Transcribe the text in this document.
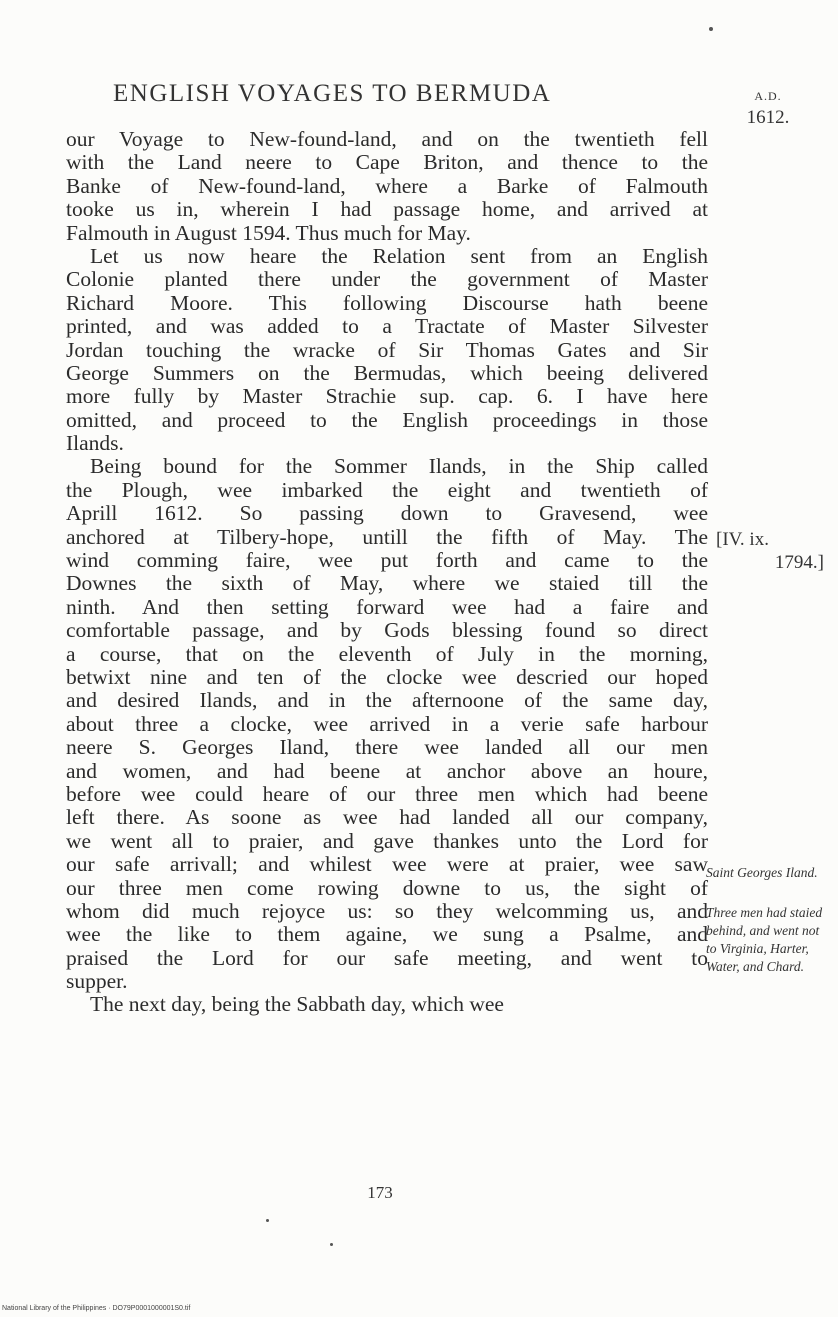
ENGLISH VOYAGES TO BERMUDA	A.D.
1612.
our Voyage to New-found-land, and on the twentieth fell
with the Land neere to Cape Briton, and thence to the
Banke of New-found-land, where a Barke of Falmouth
tooke us in, wherein I had passage home, and arrived at
Falmouth in August 1594. Thus much for May.
Let us now heare the Relation sent from an English
Colonie planted there under the government of Master
Richard Moore. This following Discourse hath beene
printed, and was added to a Tractate of Master Silvester
Jordan touching the wracke of Sir Thomas Gates and Sir
George Summers on the Bermudas, which beeing delivered
more fully by Master Strachie sup. cap. 6. I have here
omitted, and proceed to the English proceedings in those
Ilands.
Being bound for the Sommer Ilands, in the Ship called
the Plough, wee imbarked the eight and twentieth of
Aprill 1612. So passing down to Gravesend, wee
anchored at Tilbery-hope, untill the fifth of May. The
wind comming faire, wee put forth and came to the
Downes the sixth of May, where we staied till the
ninth. And then setting forward wee had a faire and
comfortable passage, and by Gods blessing found so direct
a course, that on the eleventh of July in the morning,
betwixt nine and ten of the clocke wee descried our hoped
and desired Ilands, and in the afternoone of the same day,
about three a clocke, wee arrived in a verie safe harbour
neere S. Georges Iland, there wee landed all our men
and women, and had beene at anchor above an houre,
before wee could heare of our three men which had beene
left there. As soone as wee had landed all our company,
we went all to praier, and gave thankes unto the Lord for
our safe arrivall; and whilest wee were at praier, wee saw
our three men come rowing downe to us, the sight of
whom did much rejoyce us: so they welcomming us, and
wee the like to them againe, we sung a Psalme, and
praised the Lord for our safe meeting, and went to
supper.
The next day, being the Sabbath day, which wee
[IV. ix.
1794.]
Saint Georges Iland.
Three men had staied behind, and went not to Virginia, Harter, Water, and Chard.
173
National Library of the Philippines · DO79P0001000001S0.tif
